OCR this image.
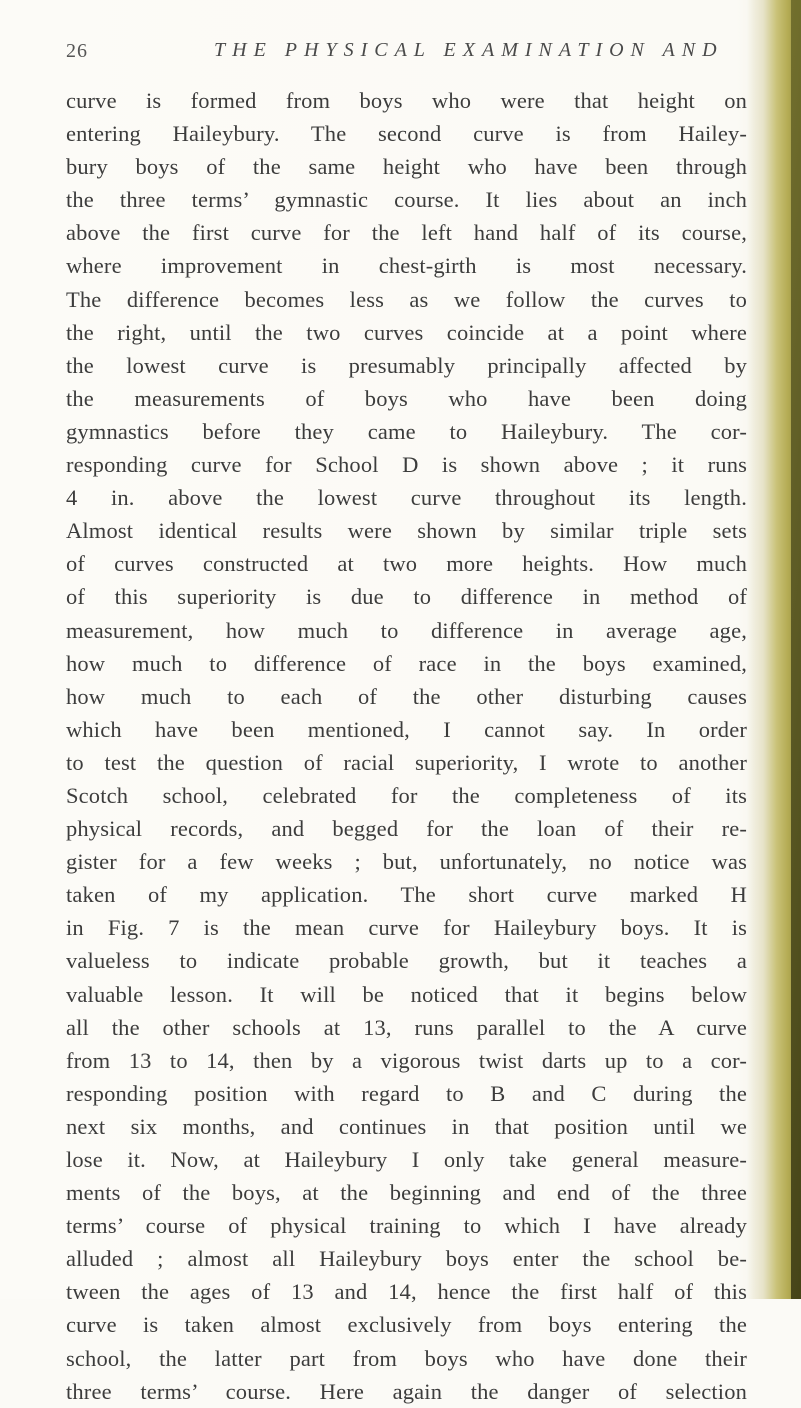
26	THE PHYSICAL EXAMINATION AND
curve is formed from boys who were that height on
entering Haileybury. The second curve is from Hailey-
bury boys of the same height who have been through
the three terms’ gymnastic course. It lies about an inch
above the first curve for the left hand half of its course,
where improvement in chest-girth is most necessary.
The difference becomes less as we follow the curves to
the right, until the two curves coincide at a point where
the lowest curve is presumably principally affected by
the measurements of boys who have been doing
gymnastics before they came to Haileybury. The cor-
responding curve for School D is shown above ; it runs
4 in. above the lowest curve throughout its length.
Almost identical results were shown by similar triple sets
of curves constructed at two more heights. How much
of this superiority is due to difference in method of
measurement, how much to difference in average age,
how much to difference of race in the boys examined,
how much to each of the other disturbing causes
which have been mentioned, I cannot say. In order
to test the question of racial superiority, I wrote to another
Scotch school, celebrated for the completeness of its
physical records, and begged for the loan of their re-
gister for a few weeks ; but, unfortunately, no notice was
taken of my application. The short curve marked H
in Fig. 7 is the mean curve for Haileybury boys. It is
valueless to indicate probable growth, but it teaches a
valuable lesson. It will be noticed that it begins below
all the other schools at 13, runs parallel to the A curve
from 13 to 14, then by a vigorous twist darts up to a cor-
responding position with regard to B and C during the
next six months, and continues in that position until we
lose it. Now, at Haileybury I only take general measure-
ments of the boys, at the beginning and end of the three
terms’ course of physical training to which I have already
alluded ; almost all Haileybury boys enter the school be-
tween the ages of 13 and 14, hence the first half of this
curve is taken almost exclusively from boys entering the
school, the latter part from boys who have done their
three terms’ course. Here again the danger of selection
